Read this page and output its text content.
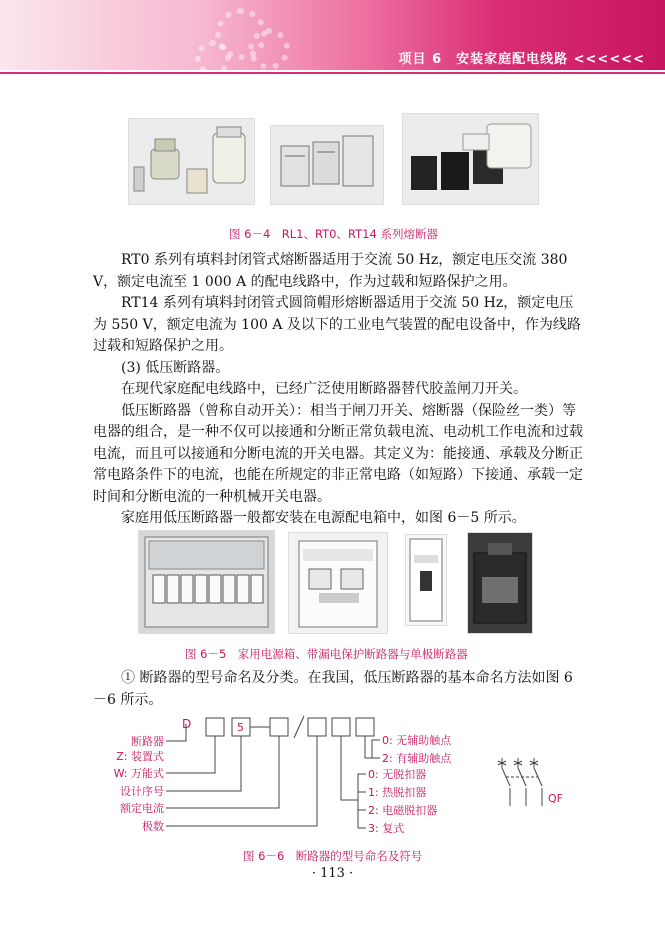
项目 6　安装家庭配电线路 <<<<<<
图 6－4　RL1、RT0、RT14 系列熔断器

RT0 系列有填料封闭管式熔断器适用于交流 50 Hz，额定电压交流 380 V，额定电流至 1 000 A 的配电线路中，作为过载和短路保护之用。

RT14 系列有填料封闭管式圆筒帽形熔断器适用于交流 50 Hz，额定电压为 550 V，额定电流为 100 A 及以下的工业电气装置的配电设备中，作为线路过载和短路保护之用。

(3) 低压断路器。

在现代家庭配电线路中，已经广泛使用断路器替代胶盖闸刀开关。

低压断路器（曾称自动开关）：相当于闸刀开关、熔断器（保险丝一类）等电器的组合，是一种不仅可以接通和分断正常负载电流、电动机工作电流和过载电流，而且可以接通和分断电流的开关电器。其定义为：能接通、承载及分断正常电路条件下的电流，也能在所规定的非正常电路（如短路）下接通、承载一定时间和分断电流的一种机械开关电器。

家庭用低压断路器一般都安装在电源配电箱中，如图 6－5 所示。

图 6－5　家用电源箱、带漏电保护断路器与单极断路器

① 断路器的型号命名及分类。在我国，低压断路器的基本命名方法如图 6－6 所示。

D	5
断路器
Z: 装置式
W: 万能式
设计序号
额定电流
极数
0: 无辅助触点
2: 有辅助触点
0: 无脱扣器
1: 热脱扣器
2: 电磁脱扣器
3: 复式
QF
图 6－6　断路器的型号命名及符号
· 113 ·
